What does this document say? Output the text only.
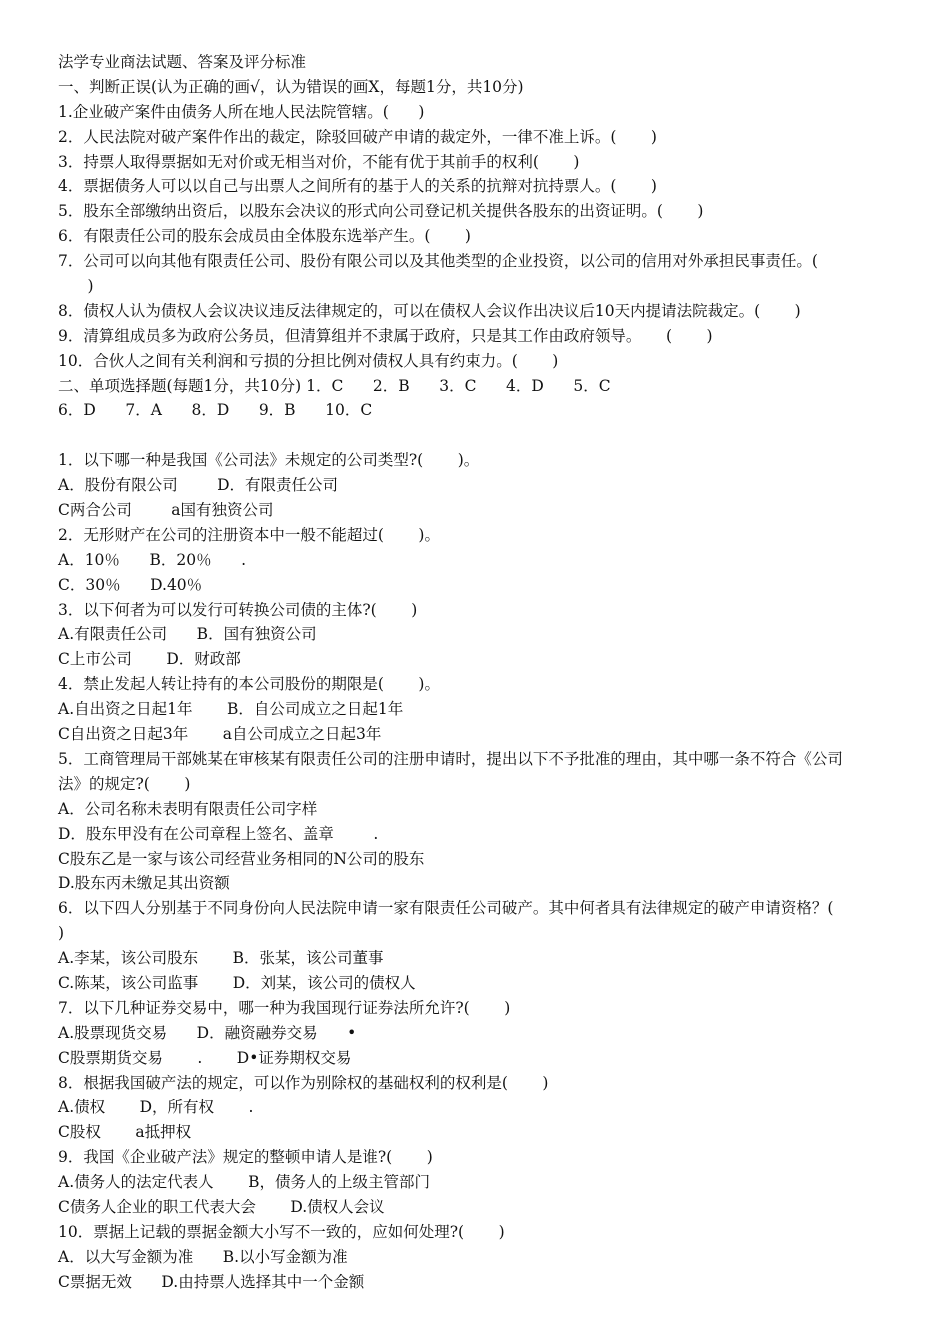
法学专业商法试题、答案及评分标准
一、判断正误(认为正确的画√，认为错误的画X，每题1分，共10分)
1.企业破产案件由债务人所在地人民法院管辖。(      )
2．人民法院对破产案件作出的裁定，除驳回破产申请的裁定外，一律不准上诉。(       )
3．持票人取得票据如无对价或无相当对价，不能有优于其前手的权利(       )
4．票据债务人可以以自己与出票人之间所有的基于人的关系的抗辩对抗持票人。(       )
5．股东全部缴纳出资后，以股东会决议的形式向公司登记机关提供各股东的出资证明。(       )
6．有限责任公司的股东会成员由全体股东选举产生。(       )
7．公司可以向其他有限责任公司、股份有限公司以及其他类型的企业投资，以公司的信用对外承担民事责任。(
)
8．债权人认为债权人会议决议违反法律规定的，可以在债权人会议作出决议后10天内提请法院裁定。(       )
9．清算组成员多为政府公务员，但清算组并不隶属于政府，只是其工作由政府领导。     (       )
10．合伙人之间有关利润和亏损的分担比例对债权人具有约束力。(       )
二、单项选择题(每题1分，共10分) 1．C      2．B      3．C      4．D      5．C
6．D      7．A      8．D      9．B      10．C
1．以下哪一种是我国《公司法》未规定的公司类型?(       )。
A．股份有限公司        D．有限责任公司
C两合公司        a国有独资公司
2．无形财产在公司的注册资本中一般不能超过(       )。
A．10％      B．20％      .
C．30％      D.40％
3．以下何者为可以发行可转换公司债的主体?(       )
A.有限责任公司      B．国有独资公司
C上市公司       D．财政部
4．禁止发起人转让持有的本公司股份的期限是(       )。
A.自出资之日起1年       B．自公司成立之日起1年
C自出资之日起3年       a自公司成立之日起3年
5．工商管理局干部姚某在审核某有限责任公司的注册申请时，提出以下不予批准的理由，其中哪一条不符合《公司
法》的规定?(       )
A．公司名称未表明有限责任公司字样
D．股东甲没有在公司章程上签名、盖章        .
C股东乙是一家与该公司经营业务相同的N公司的股东
D.股东丙未缴足其出资额
6．以下四人分别基于不同身份向人民法院申请一家有限责任公司破产。其中何者具有法律规定的破产申请资格？(
)
A.李某，该公司股东       B．张某，该公司董事
C.陈某，该公司监事       D．刘某，该公司的债权人
7．以下几种证券交易中，哪一种为我国现行证券法所允许?(       )
A.股票现货交易      D．融资融券交易      •
C股票期货交易       .       D•证券期权交易
8．根据我国破产法的规定，可以作为别除权的基础权利的权利是(       )
A.债权       D，所有权       .
C股权       a抵押权
9．我国《企业破产法》规定的整顿申请人是谁?(       )
A.债务人的法定代表人       B，债务人的上级主管部门
C债务人企业的职工代表大会       D.债权人会议
10．票据上记载的票据金额大小写不一致的，应如何处理?(       )
A．以大写金额为准      B.以小写金额为准
C票据无效      D.由持票人选择其中一个金额
